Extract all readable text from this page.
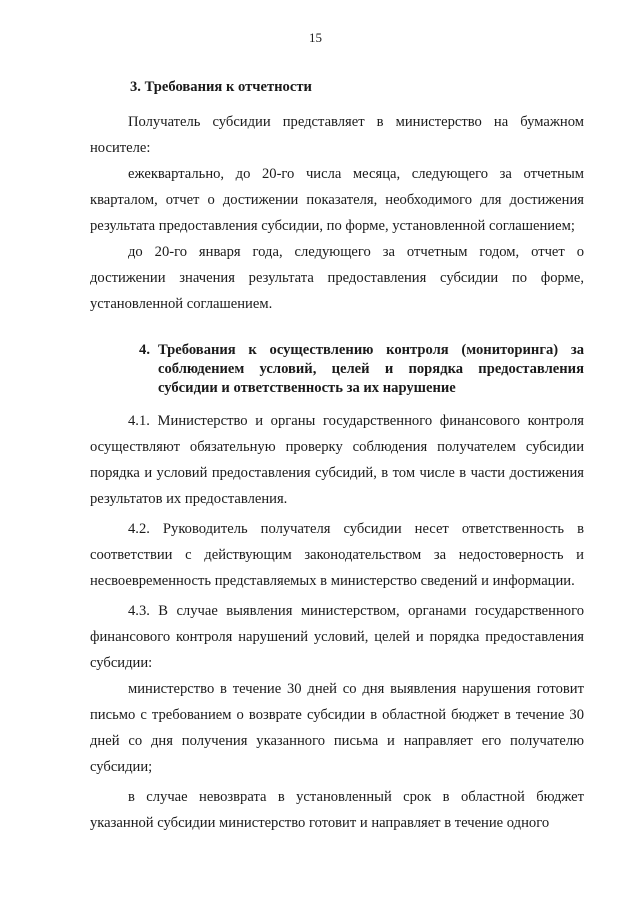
15
3. Требования к отчетности

Получатель субсидии представляет в министерство на бумажном носителе:

ежеквартально, до 20-го числа месяца, следующего за отчетным кварталом, отчет о достижении показателя, необходимого для достижения результата предоставления субсидии, по форме, установленной соглашением;

до 20-го января года, следующего за отчетным годом, отчет о достижении значения результата предоставления субсидии по форме, установленной соглашением.

4. Требования к осуществлению контроля (мониторинга) за соблюдением условий, целей и порядка предоставления субсидии и ответственность за их нарушение

4.1. Министерство и органы государственного финансового контроля осуществляют обязательную проверку соблюдения получателем субсидии порядка и условий предоставления субсидий, в том числе в части достижения результатов их предоставления.

4.2. Руководитель получателя субсидии несет ответственность в соответствии с действующим законодательством за недостоверность и несвоевременность представляемых в министерство сведений и информации.

4.3. В случае выявления министерством, органами государственного финансового контроля нарушений условий, целей и порядка предоставления субсидии:

министерство в течение 30 дней со дня выявления нарушения готовит письмо с требованием о возврате субсидии в областной бюджет в течение 30 дней со дня получения указанного письма и направляет его получателю субсидии;

в случае невозврата в установленный срок в областной бюджет указанной субсидии министерство готовит и направляет в течение одного
